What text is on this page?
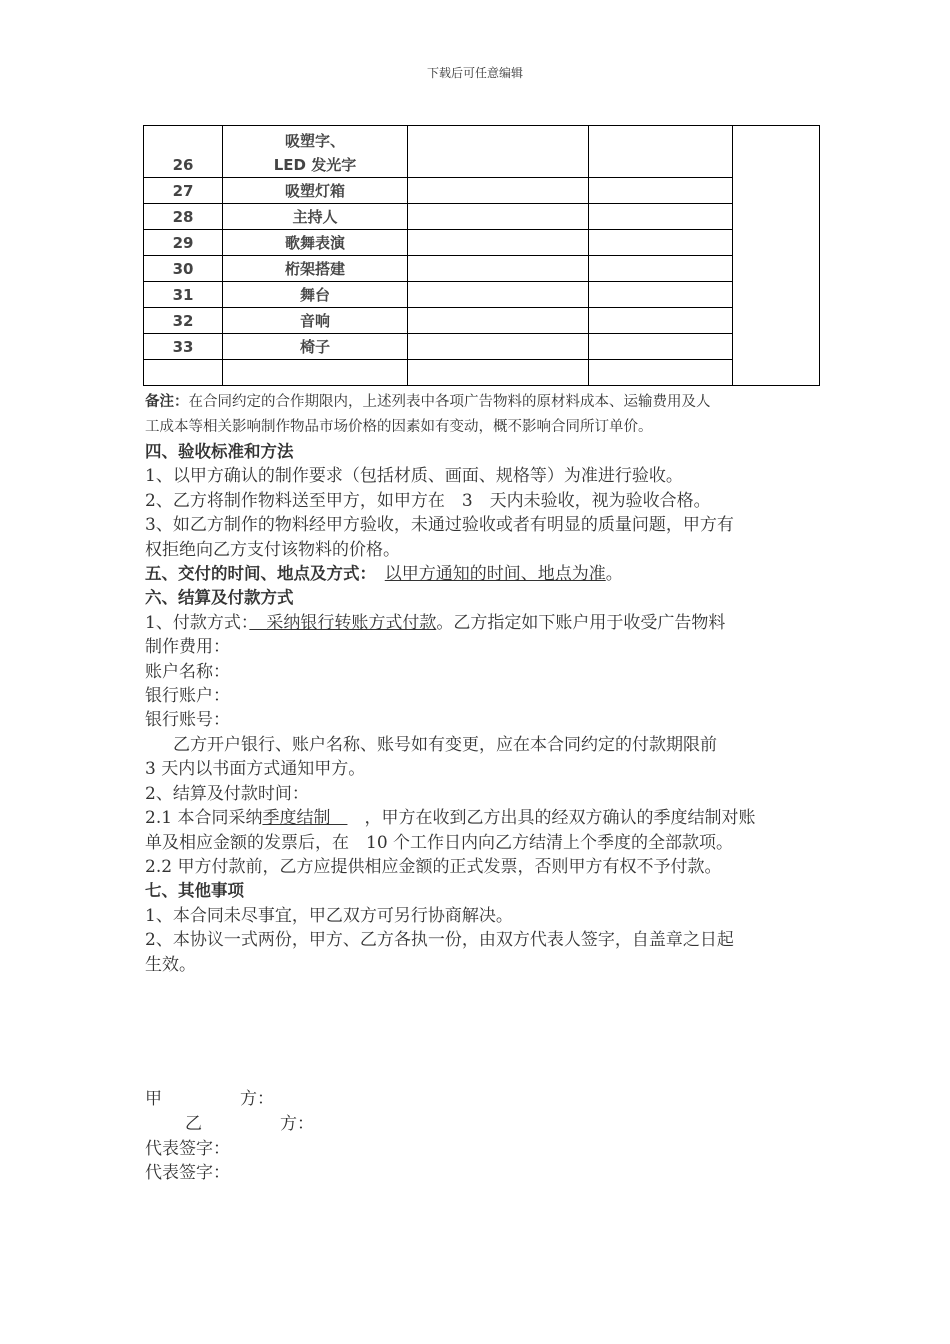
下载后可任意编辑
26	吸塑字、
LED 发光字			

27	吸塑灯箱			
28	主持人			
29	歌舞表演			
30	桁架搭建			
31	舞台			
32	音响			
33	椅子			

备注：在合同约定的合作期限内，上述列表中各项广告物料的原材料成本、运输费用及人
工成本等相关影响制作物品市场价格的因素如有变动，概不影响合同所订单价。

四、验收标准和方法

1、以甲方确认的制作要求（包括材质、画面、规格等）为准进行验收。

2、乙方将制作物料送至甲方，如甲方在　3　天内未验收，视为验收合格。

3、如乙方制作的物料经甲方验收，未通过验收或者有明显的质量问题，甲方有

权拒绝向乙方支付该物料的价格。

五、交付的时间、地点及方式：　 以甲方通知的时间、地点为准。

六、结算及付款方式

1、付款方式：　采纳银行转账方式付款。乙方指定如下账户用于收受广告物料

制作费用：

账户名称：

银行账户：

银行账号：

乙方开户银行、账户名称、账号如有变更，应在本合同约定的付款期限前

3 天内以书面方式通知甲方。

2、结算及付款时间：

2.1 本合同采纳季度结制　　，甲方在收到乙方出具的经双方确认的季度结制对账

单及相应金额的发票后，在　10 个工作日内向乙方结清上个季度的全部款项。

2.2 甲方付款前，乙方应提供相应金额的正式发票，否则甲方有权不予付款。

七、其他事项

1、本合同未尽事宜，甲乙双方可另行协商解决。

2、本协议一式两份，甲方、乙方各执一份，由双方代表人签字，自盖章之日起

生效。

甲	方：
乙	方：
代表签字：
代表签字：
